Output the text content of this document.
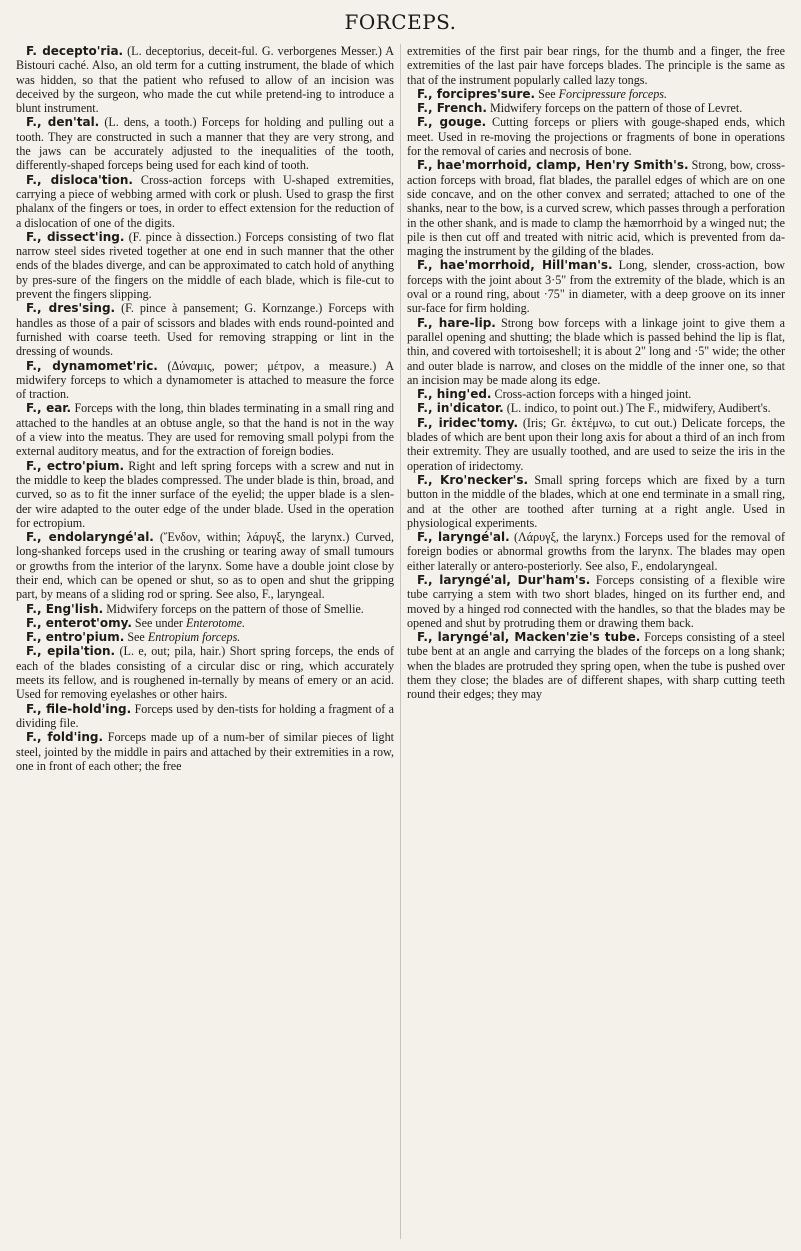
FORCEPS.

F. decepto'ria. (L. deceptorius, deceit-ful. G. verborgenes Messer.) A Bistouri caché. Also, an old term for a cutting instrument, the blade of which was hidden, so that the patient who refused to allow of an incision was deceived by the surgeon, who made the cut while pretend-ing to introduce a blunt instrument.

F., den'tal. (L. dens, a tooth.) Forceps for holding and pulling out a tooth. They are constructed in such a manner that they are very strong, and the jaws can be accurately adjusted to the inequalities of the tooth, differently-shaped forceps being used for each kind of tooth.

F., disloca'tion. Cross-action forceps with U-shaped extremities, carrying a piece of webbing armed with cork or plush. Used to grasp the first phalanx of the fingers or toes, in order to effect extension for the reduction of a dislocation of one of the digits.

F., dissect'ing. (F. pince à dissection.) Forceps consisting of two flat narrow steel sides riveted together at one end in such manner that the other ends of the blades diverge, and can be approximated to catch hold of anything by pres-sure of the fingers on the middle of each blade, which is file-cut to prevent the fingers slipping.

F., dres'sing. (F. pince à pansement; G. Kornzange.) Forceps with handles as those of a pair of scissors and blades with ends round-pointed and furnished with coarse teeth. Used for removing strapping or lint in the dressing of wounds.

F., dynamomet'ric. (Δύναμις, power; μέτρον, a measure.) A midwifery forceps to which a dynamometer is attached to measure the force of traction.

F., ear. Forceps with the long, thin blades terminating in a small ring and attached to the handles at an obtuse angle, so that the hand is not in the way of a view into the meatus. They are used for removing small polypi from the external auditory meatus, and for the extraction of foreign bodies.

F., ectro'pium. Right and left spring forceps with a screw and nut in the middle to keep the blades compressed. The under blade is thin, broad, and curved, so as to fit the inner surface of the eyelid; the upper blade is a slen-der wire adapted to the outer edge of the under blade. Used in the operation for ectropium.

F., endolaryngé'al. (Ἔνδον, within; λάρυγξ, the larynx.) Curved, long-shanked forceps used in the crushing or tearing away of small tumours or growths from the interior of the larynx. Some have a double joint close by their end, which can be opened or shut, so as to open and shut the gripping part, by means of a sliding rod or spring. See also, F., laryngeal.

F., Eng'lish. Midwifery forceps on the pattern of those of Smellie.

F., enterot'omy. See under Enterotome.

F., entro'pium. See Entropium forceps.

F., epila'tion. (L. e, out; pila, hair.) Short spring forceps, the ends of each of the blades consisting of a circular disc or ring, which accurately meets its fellow, and is roughened in-ternally by means of emery or an acid. Used for removing eyelashes or other hairs.

F., file-hold'ing. Forceps used by den-tists for holding a fragment of a dividing file.

F., fold'ing. Forceps made up of a num-ber of similar pieces of light steel, jointed by the middle in pairs and attached by their extremities in a row, one in front of each other; the free

extremities of the first pair bear rings, for the thumb and a finger, the free extremities of the last pair have forceps blades. The principle is the same as that of the instrument popularly called lazy tongs.

F., forcipres'sure. See Forcipressure forceps.

F., French. Midwifery forceps on the pattern of those of Levret.

F., gouge. Cutting forceps or pliers with gouge-shaped ends, which meet. Used in re-moving the projections or fragments of bone in operations for the removal of caries and necrosis of bone.

F., hae'morrhoid, clamp, Hen'ry Smith's. Strong, bow, cross-action forceps with broad, flat blades, the parallel edges of which are on one side concave, and on the other convex and serrated; attached to one of the shanks, near to the bow, is a curved screw, which passes through a perforation in the other shank, and is made to clamp the hæmorrhoid by a winged nut; the pile is then cut off and treated with nitric acid, which is prevented from da-maging the instrument by the gilding of the blades.

F., hae'morrhoid, Hill'man's. Long, slender, cross-action, bow forceps with the joint about 3·5" from the extremity of the blade, which is an oval or a round ring, about ·75" in diameter, with a deep groove on its inner sur-face for firm holding.

F., hare-lip. Strong bow forceps with a linkage joint to give them a parallel opening and shutting; the blade which is passed behind the lip is flat, thin, and covered with tortoiseshell; it is about 2" long and ·5" wide; the other and outer blade is narrow, and closes on the middle of the inner one, so that an incision may be made along its edge.

F., hing'ed. Cross-action forceps with a hinged joint.

F., in'dicator. (L. indico, to point out.) The F., midwifery, Audibert's.

F., iridec'tomy. (Iris; Gr. ἐκτέμνω, to cut out.) Delicate forceps, the blades of which are bent upon their long axis for about a third of an inch from their extremity. They are usually toothed, and are used to seize the iris in the operation of iridectomy.

F., Kro'necker's. Small spring forceps which are fixed by a turn button in the middle of the blades, which at one end terminate in a small ring, and at the other are toothed after turning at a right angle. Used in physiological experiments.

F., laryngé'al. (Λάρυγξ, the larynx.) Forceps used for the removal of foreign bodies or abnormal growths from the larynx. The blades may open either laterally or antero-posteriorly. See also, F., endolaryngeal.

F., laryngé'al, Dur'ham's. Forceps consisting of a flexible wire tube carrying a stem with two short blades, hinged on its further end, and moved by a hinged rod connected with the handles, so that the blades may be opened and shut by protruding them or drawing them back.

F., laryngé'al, Macken'zie's tube. Forceps consisting of a steel tube bent at an angle and carrying the blades of the forceps on a long shank; when the blades are protruded they spring open, when the tube is pushed over them they close; the blades are of different shapes, with sharp cutting teeth round their edges; they may
